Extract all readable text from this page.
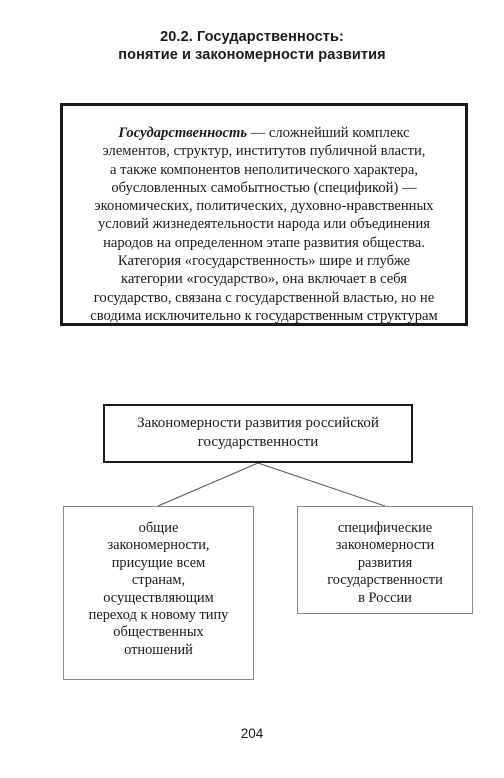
20.2. Государственность:
понятие и закономерности развития
Государственность — сложнейший комплекс
элементов, структур, институтов публичной власти,
а также компонентов неполитического характера,
обусловленных самобытностью (спецификой) —
экономических, политических, духовно-нравственных
условий жизнедеятельности народа или объединения
народов на определенном этапе развития общества.
Категория «государственность» шире и глубже
категории «государство», она включает в себя
государство, связана с государственной властью, но не
сводима исключительно к государственным структурам
Закономерности развития российской
государственности
общие
закономерности,
присущие всем
странам,
осуществляющим
переход к новому типу
общественных
отношений
специфические
закономерности
развития
государственности
в России
204
